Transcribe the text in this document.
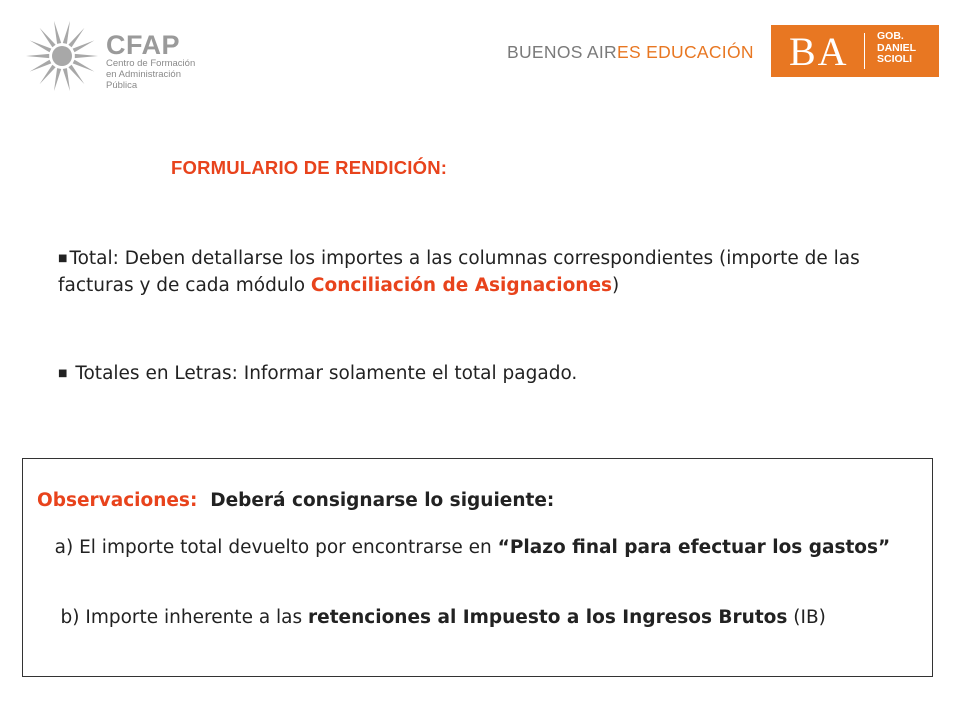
CFAP
Centro de Formación
en Administración Pública
BUENOS AIRES EDUCACIÓN BA	GOB.
DANIEL
SCIOLI
FORMULARIO DE RENDICIÓN:
■ Total: Deben detallarse los importes a las columnas correspondientes (importe de las facturas y de cada módulo Conciliación de Asignaciones)
■ Totales en Letras: Informar solamente el total pagado.
Observaciones: Deberá consignarse lo siguiente:
a) El importe total devuelto por encontrarse en “Plazo final para efectuar los gastos”
b) Importe inherente a las retenciones al Impuesto a los Ingresos Brutos (IB)
